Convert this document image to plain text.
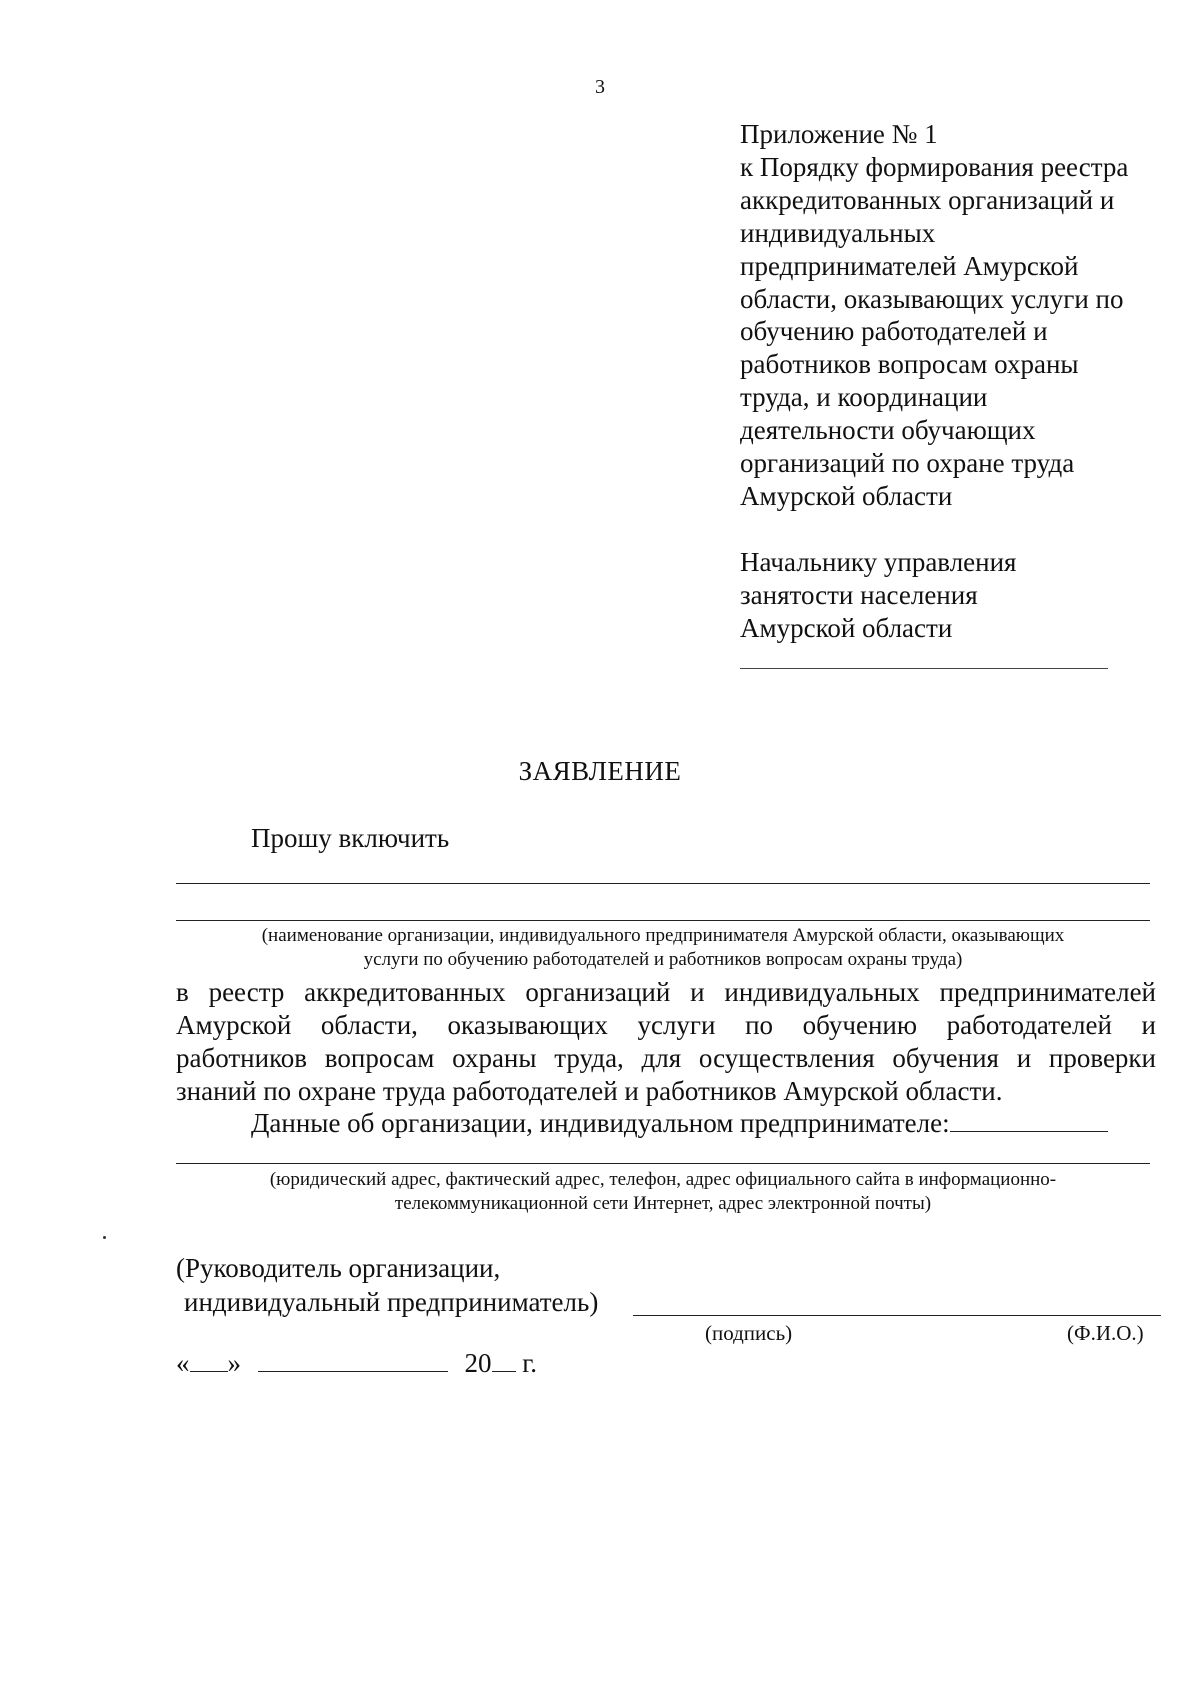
3
Приложение № 1
к Порядку формирования реестра
аккредитованных организаций и
индивидуальных
предпринимателей Амурской
области, оказывающих услуги по
обучению работодателей и
работников вопросам охраны
труда, и координации
деятельности обучающих
организаций по охране труда
Амурской области
Начальнику управления
занятости населения
Амурской области
ЗАЯВЛЕНИЕ
Прошу включить
(наименование организации, индивидуального предпринимателя Амурской области, оказывающих
услуги по обучению работодателей и работников вопросам охраны труда)
в реестр аккредитованных организаций и индивидуальных предпринимателей
Амурской области, оказывающих услуги по обучению работодателей и
работников вопросам охраны труда, для осуществления обучения и проверки
знаний по охране труда работодателей и работников Амурской области.
Данные об организации, индивидуальном предпринимателе:
(юридический адрес, фактический адрес, телефон, адрес официального сайта в информационно-
телекоммуникационной сети Интернет, адрес электронной почты)
(Руководитель организации,
индивидуальный предприниматель)
(подпись)	(Ф.И.О.)
« »	20 г.
